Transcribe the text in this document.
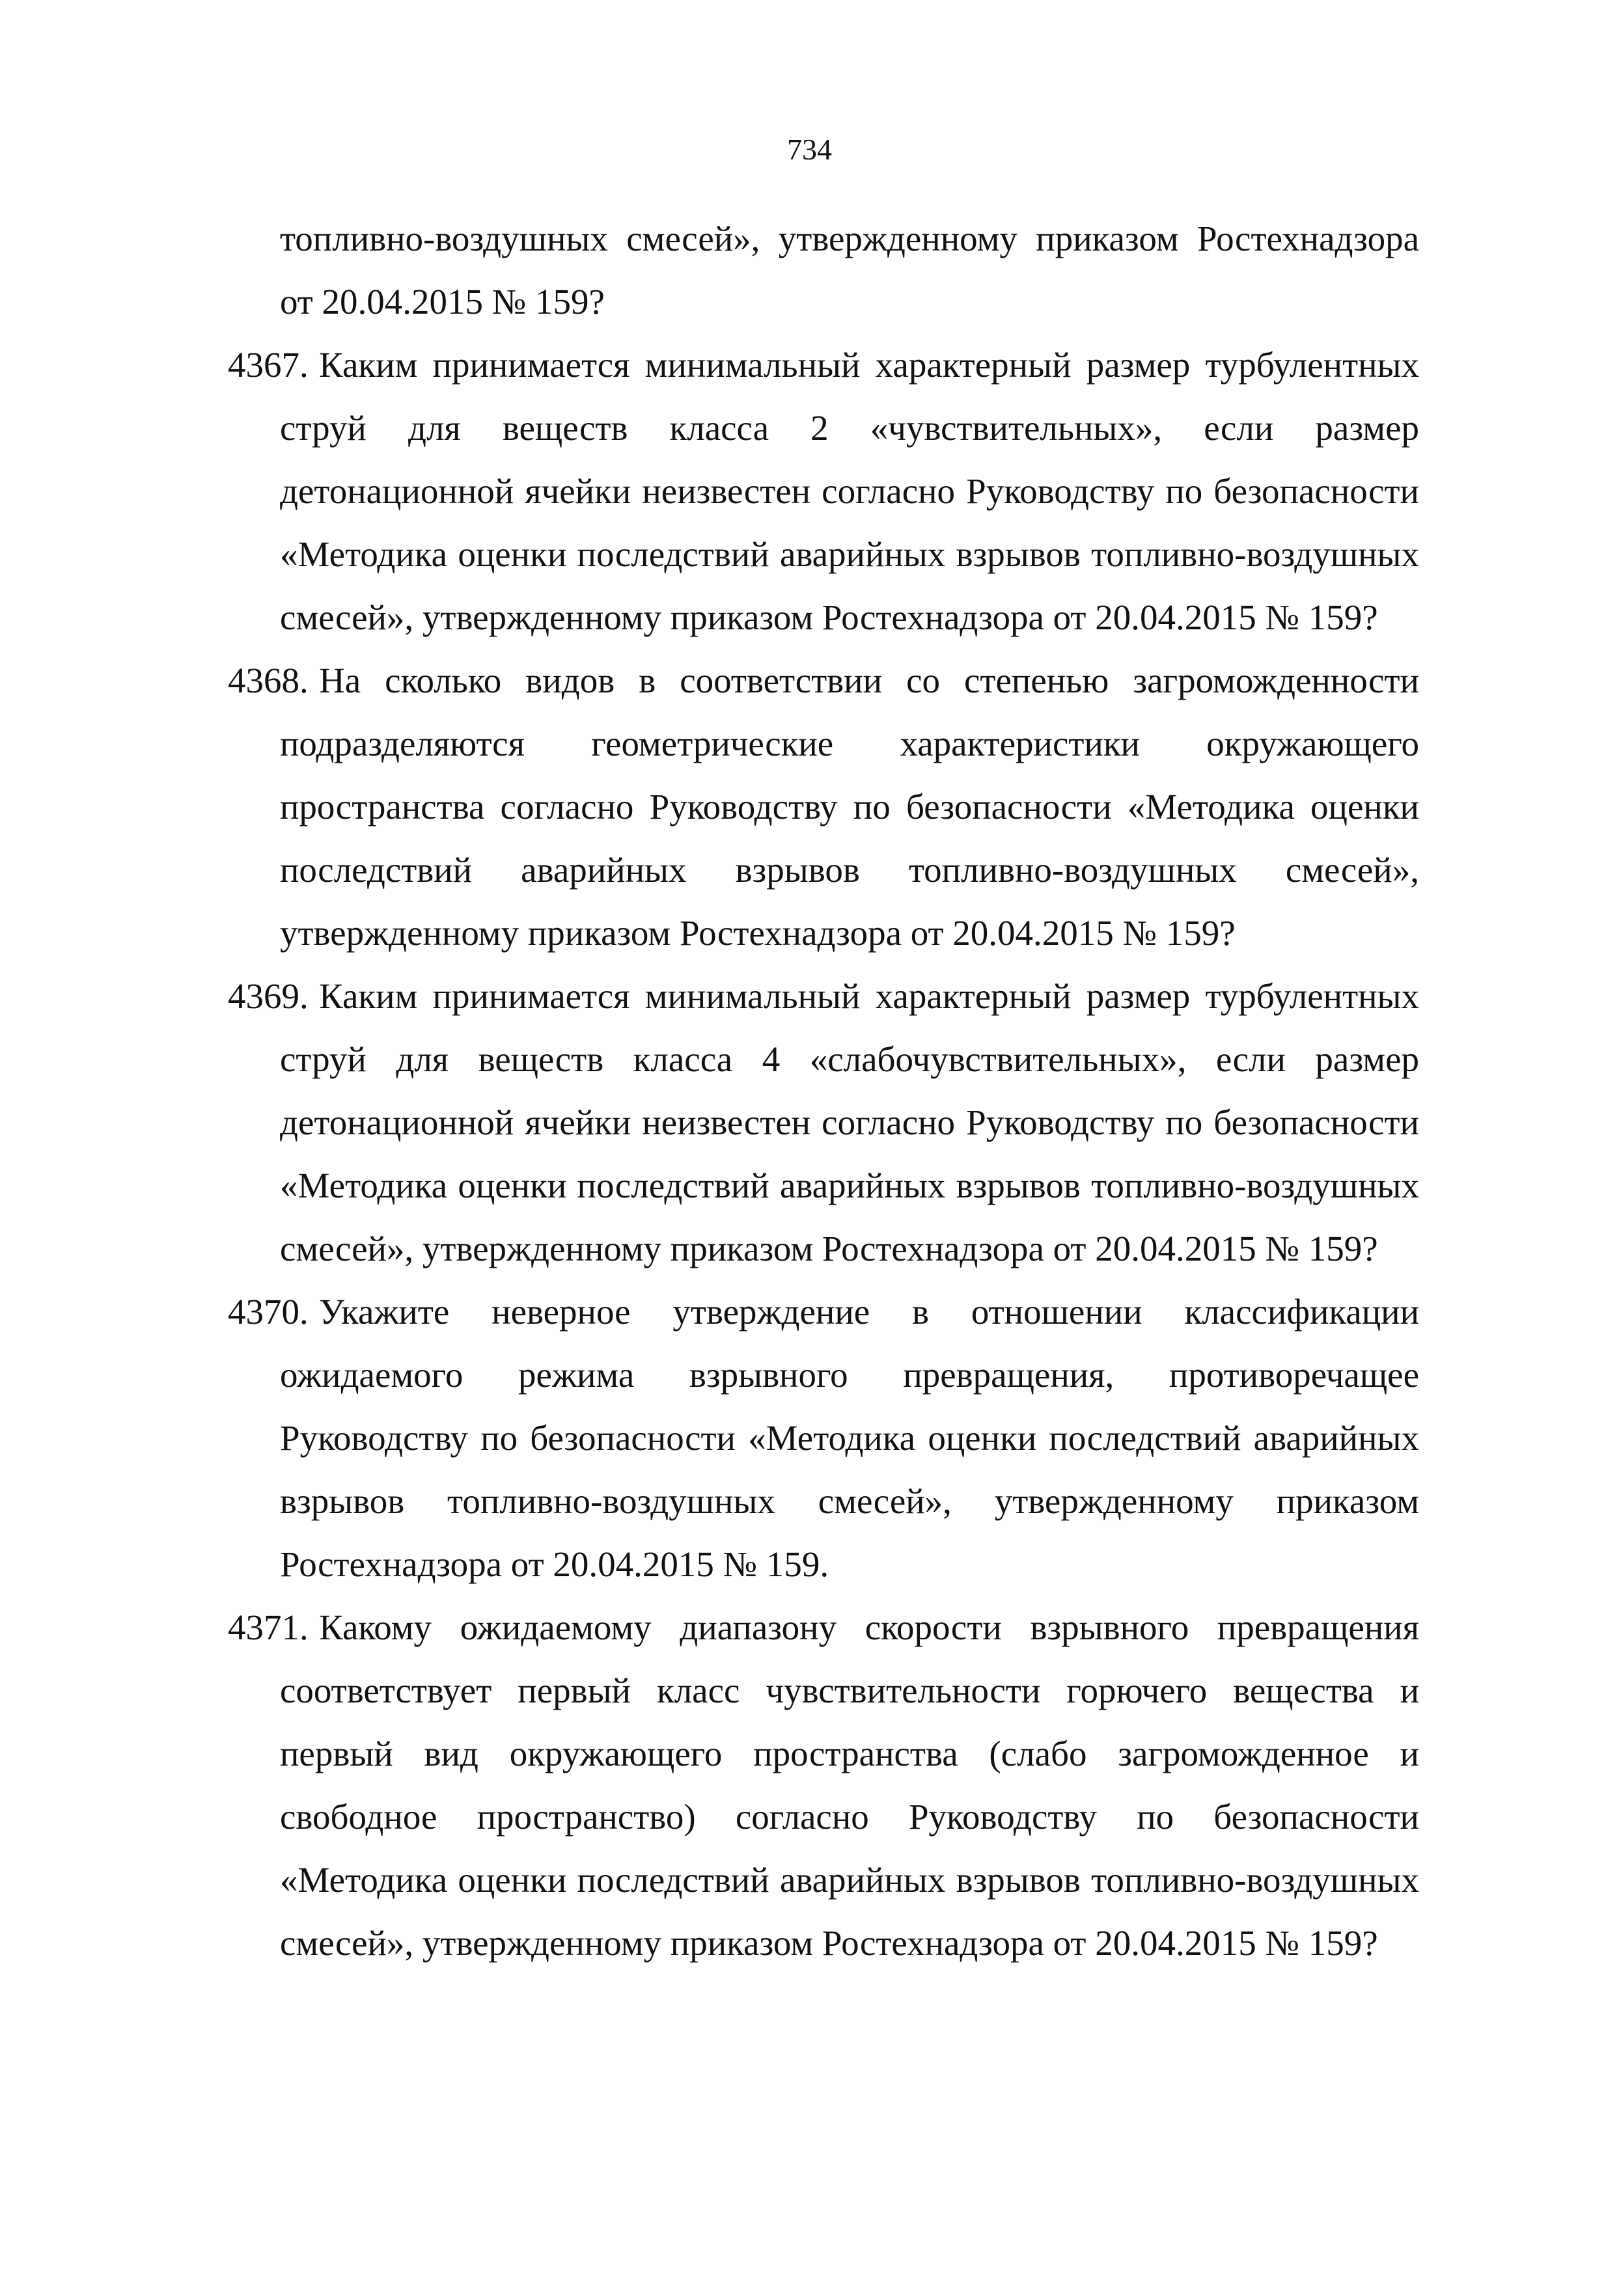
734
топливно-воздушных смесей», утвержденному приказом Ростехнадзора от 20.04.2015 № 159?
4367. Каким принимается минимальный характерный размер турбулентных струй для веществ класса 2 «чувствительных», если размер детонационной ячейки неизвестен согласно Руководству по безопасности «Методика оценки последствий аварийных взрывов топливно-воздушных смесей», утвержденному приказом Ростехнадзора от 20.04.2015 № 159?
4368. На сколько видов в соответствии со степенью загроможденности подразделяются геометрические характеристики окружающего пространства согласно Руководству по безопасности «Методика оценки последствий аварийных взрывов топливно-воздушных смесей», утвержденному приказом Ростехнадзора от 20.04.2015 № 159?
4369. Каким принимается минимальный характерный размер турбулентных струй для веществ класса 4 «слабочувствительных», если размер детонационной ячейки неизвестен согласно Руководству по безопасности «Методика оценки последствий аварийных взрывов топливно-воздушных смесей», утвержденному приказом Ростехнадзора от 20.04.2015 № 159?
4370. Укажите неверное утверждение в отношении классификации ожидаемого режима взрывного превращения, противоречащее Руководству по безопасности «Методика оценки последствий аварийных взрывов топливно-воздушных смесей», утвержденному приказом Ростехнадзора от 20.04.2015 № 159.
4371. Какому ожидаемому диапазону скорости взрывного превращения соответствует первый класс чувствительности горючего вещества и первый вид окружающего пространства (слабо загроможденное и свободное пространство) согласно Руководству по безопасности «Методика оценки последствий аварийных взрывов топливно-воздушных смесей», утвержденному приказом Ростехнадзора от 20.04.2015 № 159?
